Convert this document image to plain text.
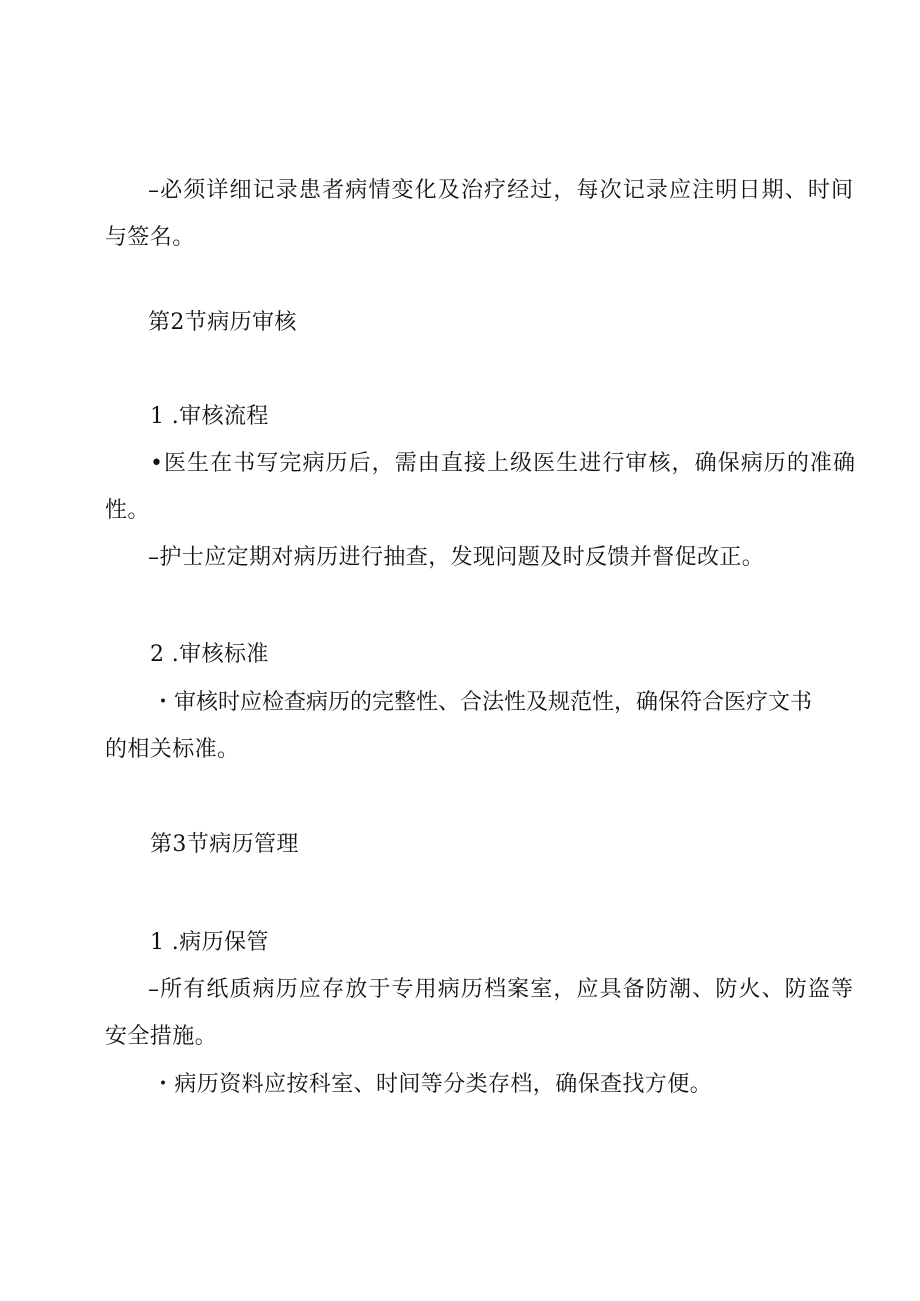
–必须详细记录患者病情变化及治疗经过，每次记录应注明日期、时间
与签名。
第2节病历审核
1 .审核流程
•医生在书写完病历后，需由直接上级医生进行审核，确保病历的准确
性。
–护士应定期对病历进行抽查，发现问题及时反馈并督促改正。
2 .审核标准
・审核时应检查病历的完整性、合法性及规范性，确保符合医疗文书
的相关标准。
第3节病历管理
1 .病历保管
–所有纸质病历应存放于专用病历档案室，应具备防潮、防火、防盗等
安全措施。
・病历资料应按科室、时间等分类存档，确保查找方便。
